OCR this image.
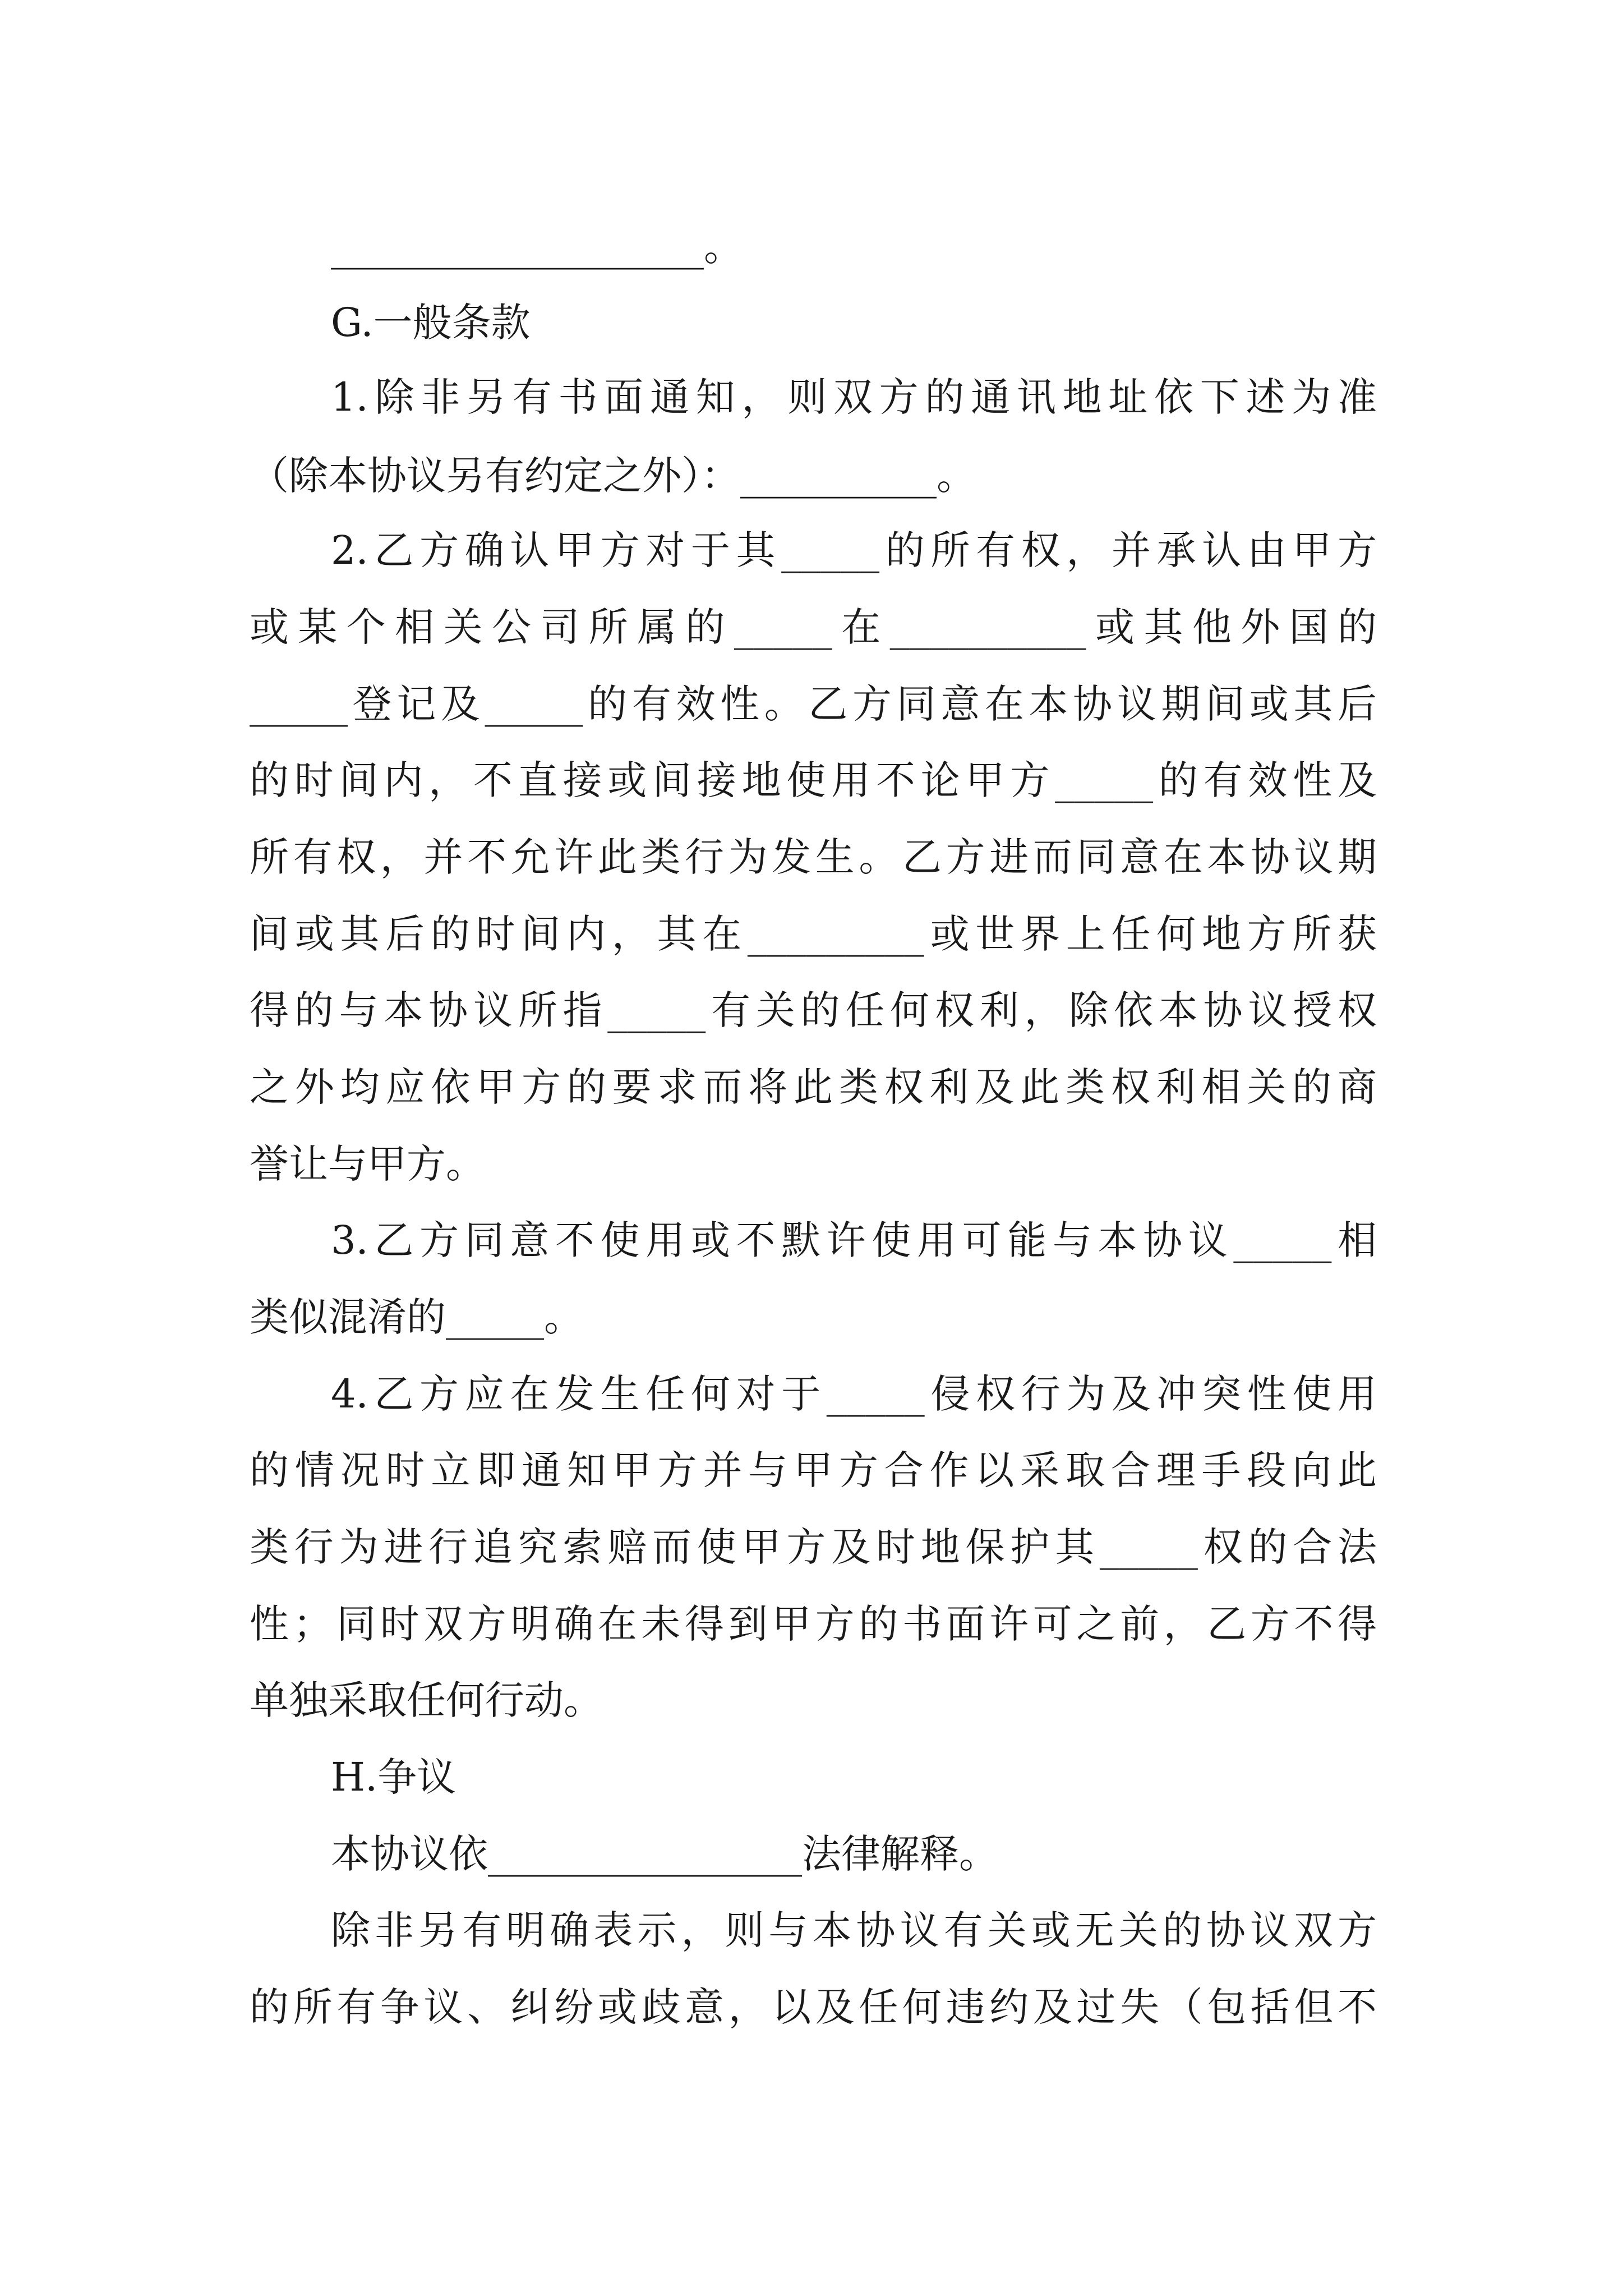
___________________。
G.一般条款
1.除非另有书面通知，则双方的通讯地址依下述为准
（除本协议另有约定之外）：__________。
2.乙方确认甲方对于其_____的所有权，并承认由甲方
或某个相关公司所属的_____在__________或其他外国的
_____登记及_____的有效性。乙方同意在本协议期间或其后
的时间内，不直接或间接地使用不论甲方_____的有效性及
所有权，并不允许此类行为发生。乙方进而同意在本协议期
间或其后的时间内，其在_________或世界上任何地方所获
得的与本协议所指_____有关的任何权利，除依本协议授权
之外均应依甲方的要求而将此类权利及此类权利相关的商
誉让与甲方。
3.乙方同意不使用或不默许使用可能与本协议_____相
类似混淆的_____。
4.乙方应在发生任何对于_____侵权行为及冲突性使用
的情况时立即通知甲方并与甲方合作以采取合理手段向此
类行为进行追究索赔而使甲方及时地保护其_____权的合法
性；同时双方明确在未得到甲方的书面许可之前，乙方不得
单独采取任何行动。
H.争议
本协议依________________法律解释。
除非另有明确表示，则与本协议有关或无关的协议双方
的所有争议、纠纷或歧意，以及任何违约及过失（包括但不
